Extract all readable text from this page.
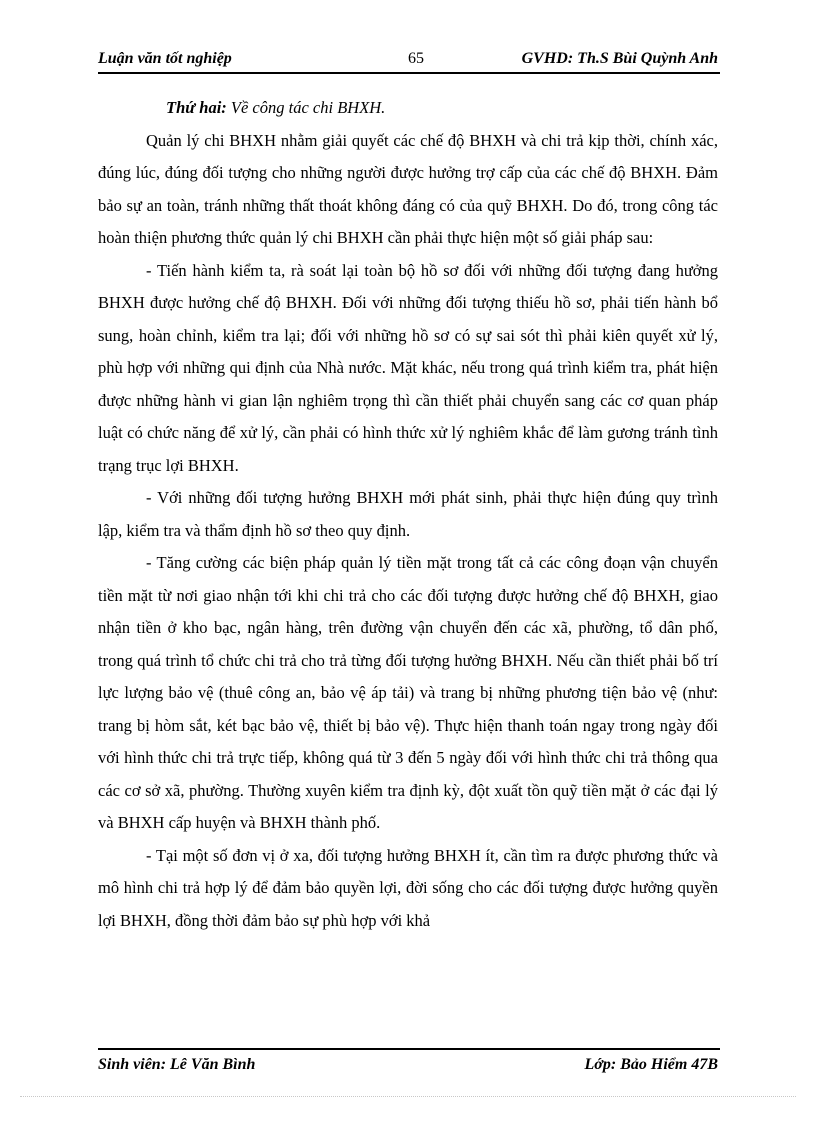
Luận văn tốt nghiệp	65	GVHD: Th.S Bùi Quỳnh Anh

Thứ hai: Về công tác chi BHXH.

Quản lý chi BHXH nhằm giải quyết các chế độ BHXH và chi trả kịp thời, chính xác, đúng lúc, đúng đối tượng cho những người được hưởng trợ cấp của các chế độ BHXH. Đảm bảo sự an toàn, tránh những thất thoát không đáng có của quỹ BHXH. Do đó, trong công tác hoàn thiện phương thức quản lý chi BHXH cần phải thực hiện một số giải pháp sau:

- Tiến hành kiểm ta, rà soát lại toàn bộ hồ sơ đối với những đối tượng đang hưởng BHXH được hưởng chế độ BHXH. Đối với những đối tượng thiếu hồ sơ, phải tiến hành bổ sung, hoàn chỉnh, kiểm tra lại; đối với những hồ sơ có sự sai sót thì phải kiên quyết xử lý, phù hợp với những qui định của Nhà nước. Mặt khác, nếu trong quá trình kiểm tra, phát hiện được những hành vi gian lận nghiêm trọng thì cần thiết phải chuyển sang các cơ quan pháp luật có chức năng để xử lý, cần phải có hình thức xử lý nghiêm khắc để làm gương tránh tình trạng trục lợi BHXH.

- Với những đối tượng hưởng BHXH mới phát sinh, phải thực hiện đúng quy trình lập, kiểm tra và thẩm định hồ sơ theo quy định.

- Tăng cường các biện pháp quản lý tiền mặt trong tất cả các công đoạn vận chuyển tiền mặt từ nơi giao nhận tới khi chi trả cho các đối tượng được hưởng chế độ BHXH, giao nhận tiền ở kho bạc, ngân hàng, trên đường vận chuyển đến các xã, phường, tổ dân phố, trong quá trình tổ chức chi trả cho trả từng đối tượng hưởng BHXH. Nếu cần thiết phải bố trí lực lượng bảo vệ (thuê công an, bảo vệ áp tải) và trang bị những phương tiện bảo vệ (như: trang bị hòm sắt, két bạc bảo vệ, thiết bị bảo vệ). Thực hiện thanh toán ngay trong ngày đối với hình thức chi trả trực tiếp, không quá từ 3 đến 5 ngày đối với hình thức chi trả thông qua các cơ sở xã, phường. Thường xuyên kiểm tra định kỳ, đột xuất tồn quỹ tiền mặt ở các đại lý và BHXH cấp huyện và BHXH thành phố.

- Tại một số đơn vị ở xa, đối tượng hưởng BHXH ít, cần tìm ra được phương thức và mô hình chi trả hợp lý để đảm bảo quyền lợi, đời sống cho các đối tượng được hưởng quyền lợi BHXH, đồng thời đảm bảo sự phù hợp với khả

Sinh viên: Lê Văn Bình	Lớp: Bảo Hiểm 47B
